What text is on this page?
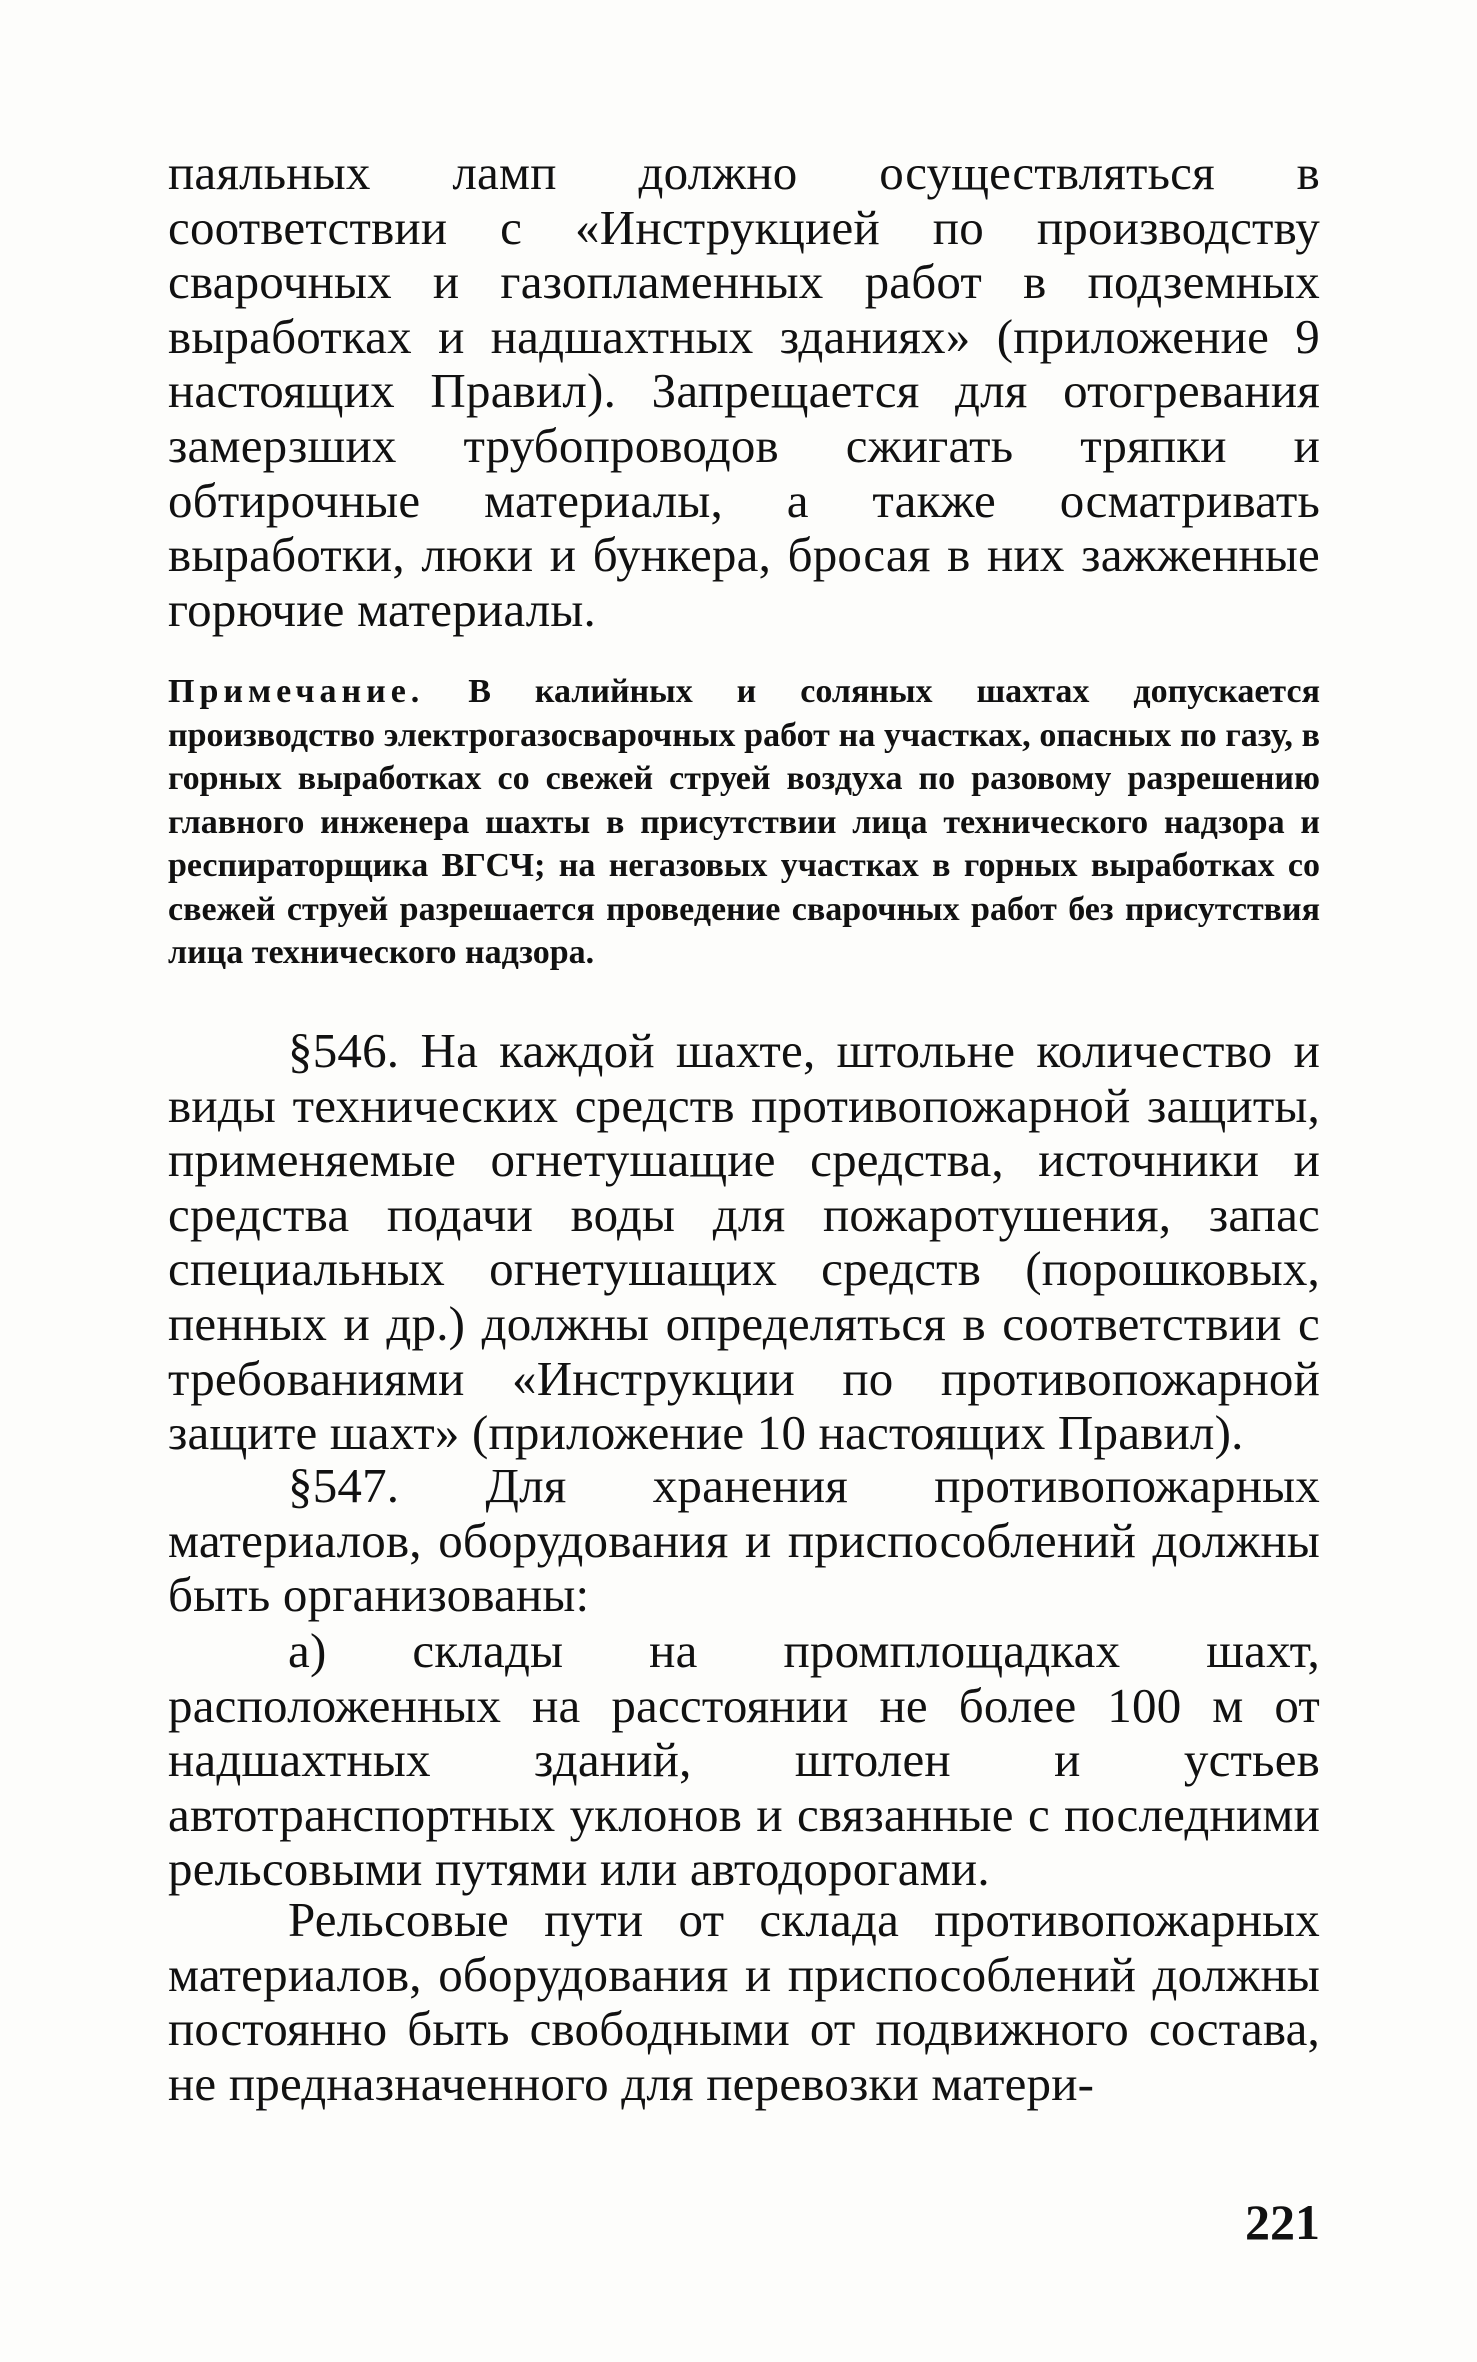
паяльных ламп должно осуществляться в соответствии с «Инструкцией по производству сварочных и газопламенных работ в подземных выработках и надшахтных зданиях» (приложение 9 настоящих Правил). Запрещается для отогревания замерзших трубопроводов сжигать тряпки и обтирочные материалы, а также осматривать выработки, люки и бункера, бросая в них зажженные горючие материалы.

Примечание. В калийных и соляных шахтах допускается производство электрогазосварочных работ на участках, опасных по газу, в горных выработках со свежей струей воздуха по разовому разрешению главного инженера шахты в присутствии лица технического надзора и респираторщика ВГСЧ; на негазовых участках в горных выработках со свежей струей разрешается проведение сварочных работ без присутствия лица технического надзора.

§546. На каждой шахте, штольне количество и виды технических средств противопожарной защиты, применяемые огнетушащие средства, источники и средства подачи воды для пожаротушения, запас специальных огнетушащих средств (порошковых, пенных и др.) должны определяться в соответствии с требованиями «Инструкции по противопожарной защите шахт» (приложение 10 настоящих Правил).

§547. Для хранения противопожарных материалов, оборудования и приспособлений должны быть организованы:

а) склады на промплощадках шахт, расположенных на расстоянии не более 100 м от надшахтных зданий, штолен и устьев автотранспортных уклонов и связанные с последними рельсовыми путями или автодорогами.

Рельсовые пути от склада противопожарных материалов, оборудования и приспособлений должны постоянно быть свободными от подвижного состава, не предназначенного для перевозки матери-

221
